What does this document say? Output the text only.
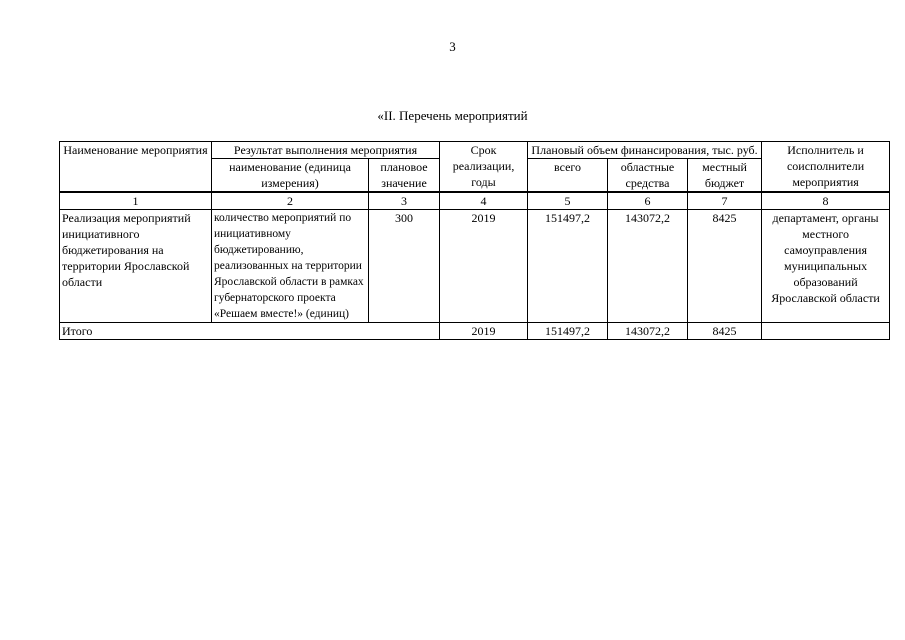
3
«II. Перечень мероприятий
Наименование мероприятия	Результат выполнения мероприятия		Срок реализации, годы	Плановый объем финансирования, тыс. руб.			Исполнитель и соисполнители мероприятия
	наименование (единица измерения)	плановое значение		всего	областные средства	местный бюджет	
1	2	3	4	5	6	7	8
Реализация мероприятий инициативного бюджетирования на территории Ярославской области	количество мероприятий по инициативному бюджетированию, реализованных на территории Ярославской области в рамках губернаторского проекта «Решаем вместе!» (единиц)	300	2019	151497,2	143072,2	8425	департамент, органы местного самоуправления муниципальных образований Ярославской области
Итого			2019	151497,2	143072,2	8425	
